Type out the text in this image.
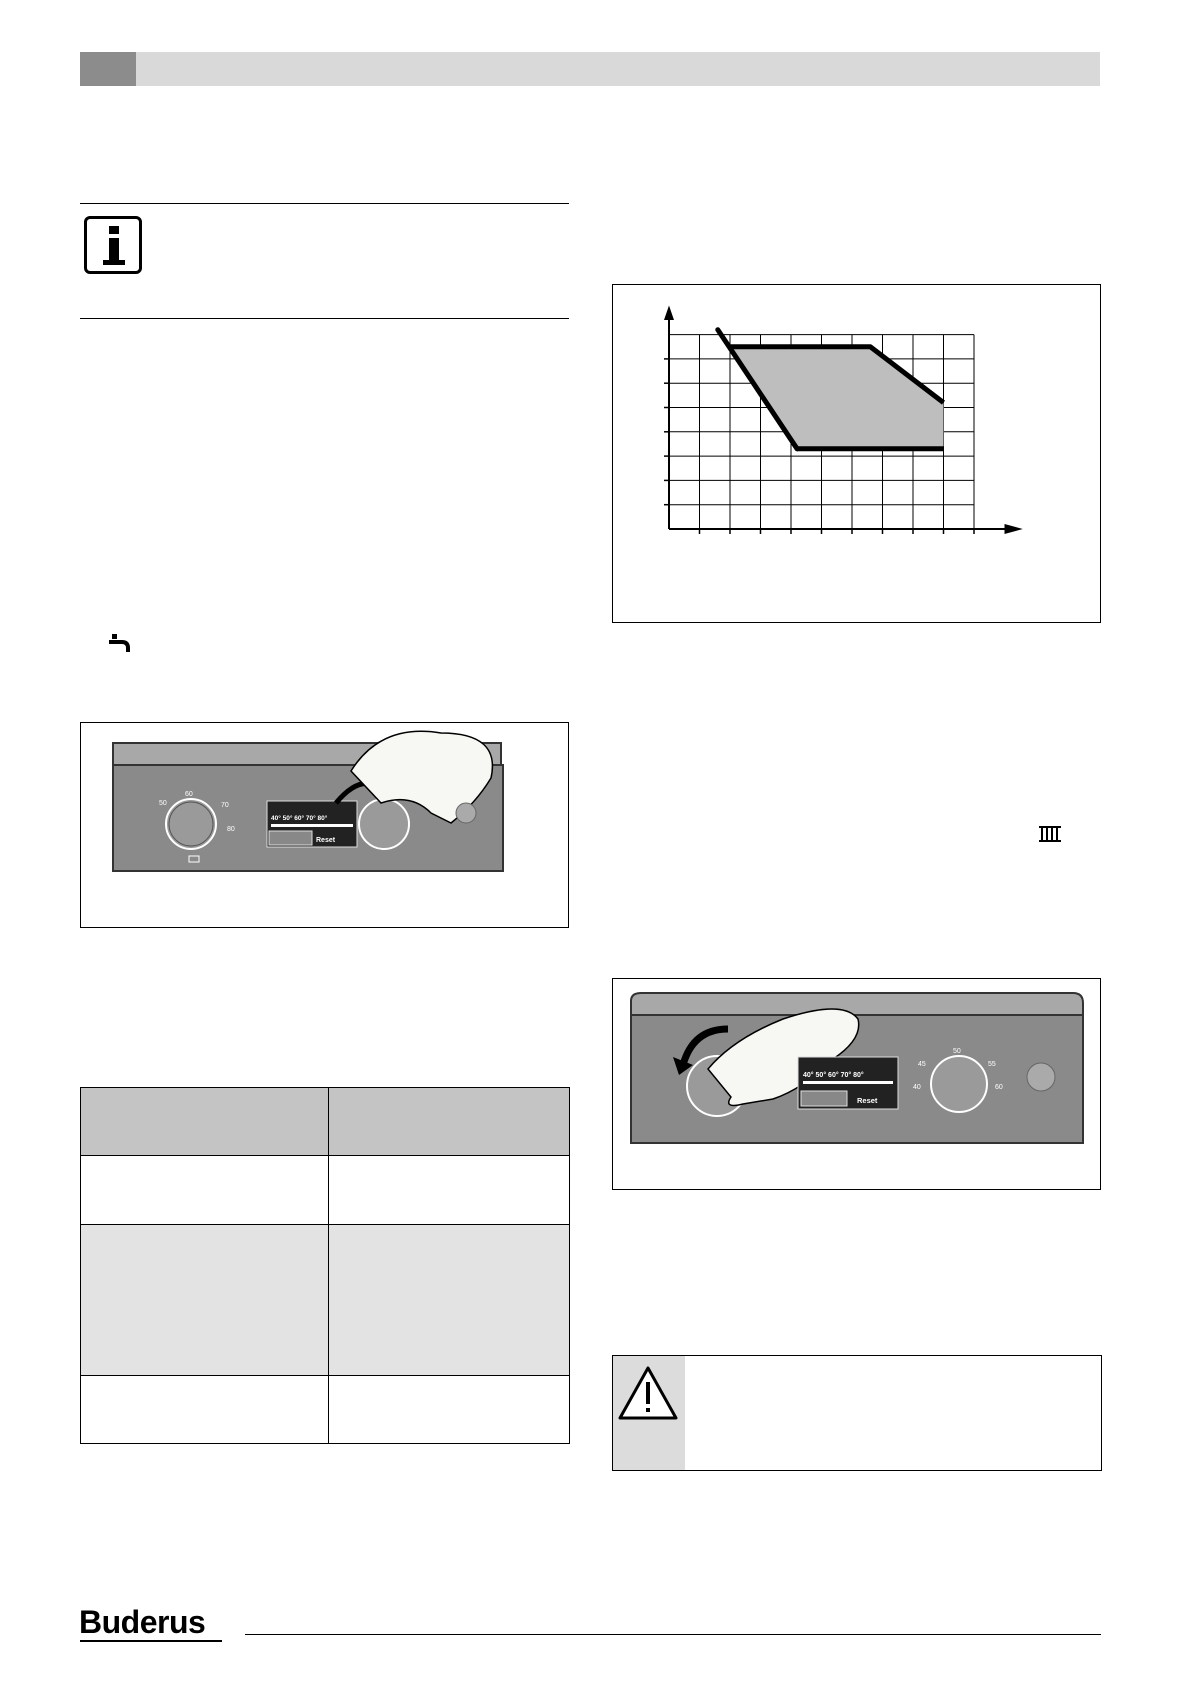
50
60
70
80
40° 50° 60° 70° 80°
Reset

40° 50° 60° 70° 80°
Reset
45
50
55
60
40
Buderus
